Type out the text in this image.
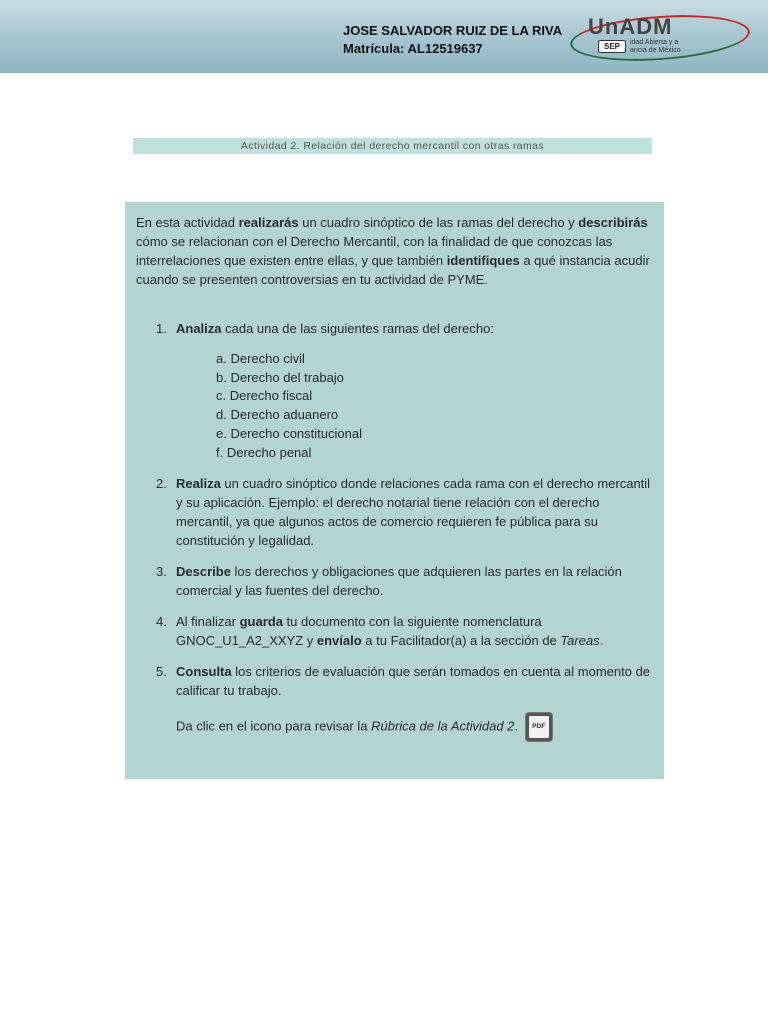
JOSE SALVADOR RUIZ DE LA RIVA
Matrícula: AL12519637
UnADM
SEP	idad Abierta y a
ancia de México
Actividad 2. Relación del derecho mercantil con otras ramas

En esta actividad realizarás un cuadro sinóptico de las ramas del derecho y describirás cómo se relacionan con el Derecho Mercantil, con la finalidad de que conozcas las interrelaciones que existen entre ellas, y que también identifiques a qué instancia acudir cuando se presenten controversias en tu actividad de PYME.

1. Analiza cada una de las siguientes ramas del derecho:
a. Derecho civil
b. Derecho del trabajo
c. Derecho fiscal
d. Derecho aduanero
e. Derecho constitucional
f. Derecho penal
2. Realiza un cuadro sinóptico donde relaciones cada rama con el derecho mercantil y su aplicación. Ejemplo: el derecho notarial tiene relación con el derecho mercantil, ya que algunos actos de comercio requieren fe pública para su constitución y legalidad.
3. Describe los derechos y obligaciones que adquieren las partes en la relación comercial y las fuentes del derecho.
4. Al finalizar guarda tu documento con la siguiente nomenclatura GNOC_U1_A2_XXYZ y envíalo a tu Facilitador(a) a la sección de Tareas.
5. Consulta los criterios de evaluación que serán tomados en cuenta al momento de calificar tu trabajo.
Da clic en el icono para revisar la Rúbrica de la Actividad 2.	PDF
